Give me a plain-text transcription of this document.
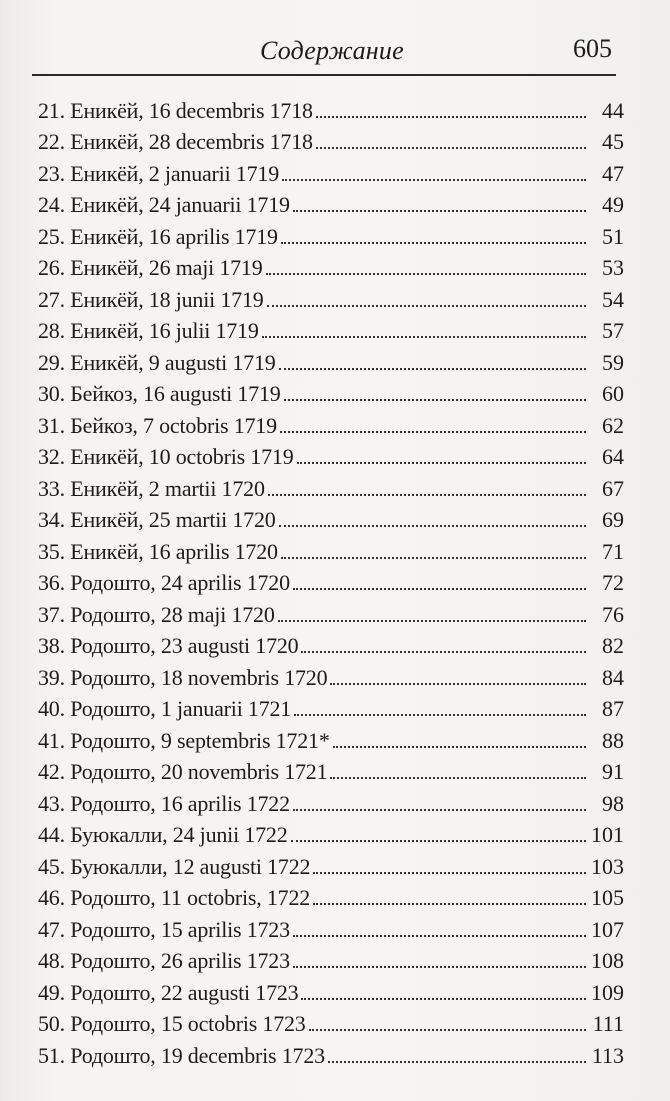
Содержание	605
21. Еникёй, 16 decembris 1718	44
22. Еникёй, 28 decembris 1718	45
23. Еникёй, 2 januarii 1719	47
24. Еникёй, 24 januarii 1719	49
25. Еникёй, 16 aprilis 1719	51
26. Еникёй, 26 maji 1719	53
27. Еникёй, 18 junii 1719	54
28. Еникёй, 16 julii 1719	57
29. Еникёй, 9 augusti 1719	59
30. Бейкоз, 16 augusti 1719	60
31. Бейкоз, 7 octobris 1719	62
32. Еникёй, 10 octobris 1719	64
33. Еникёй, 2 martii 1720	67
34. Еникёй, 25 martii 1720	69
35. Еникёй, 16 aprilis 1720	71
36. Родошто, 24 aprilis 1720	72
37. Родошто, 28 maji 1720	76
38. Родошто, 23 augusti 1720	82
39. Родошто, 18 novembris 1720	84
40. Родошто, 1 januarii 1721	87
41. Родошто, 9 septembris 1721*	88
42. Родошто, 20 novembris 1721	91
43. Родошто, 16 aprilis 1722	98
44. Буюкалли, 24 junii 1722	101
45. Буюкалли, 12 augusti 1722	103
46. Родошто, 11 octobris, 1722	105
47. Родошто, 15 aprilis 1723	107
48. Родошто, 26 aprilis 1723	108
49. Родошто, 22 augusti 1723	109
50. Родошто, 15 octobris 1723	111
51. Родошто, 19 decembris 1723	113
